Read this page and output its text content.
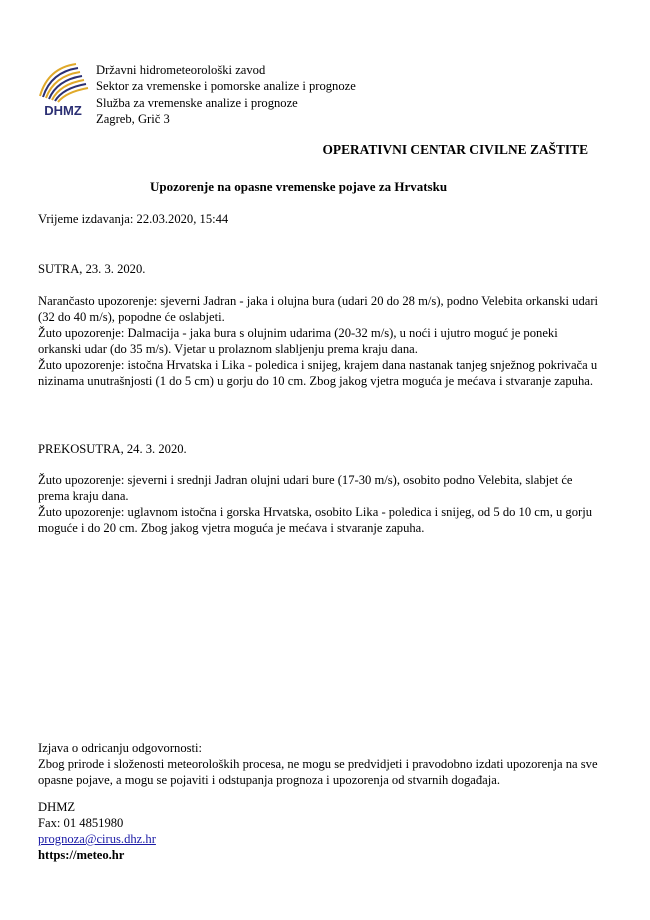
DHMZ
Državni hidrometeorološki zavod
Sektor za vremenske i pomorske analize i prognoze
Služba za vremenske analize i prognoze
Zagreb, Grič 3
OPERATIVNI CENTAR CIVILNE ZAŠTITE
Upozorenje na opasne vremenske pojave za Hrvatsku
Vrijeme izdavanja: 22.03.2020, 15:44
SUTRA, 23. 3. 2020.

Narančasto upozorenje: sjeverni Jadran - jaka i olujna bura (udari 20 do 28 m/s), podno Velebita orkanski udari (32 do 40 m/s), popodne će oslabjeti.

Žuto upozorenje: Dalmacija - jaka bura s olujnim udarima (20-32 m/s), u noći i ujutro moguć je poneki orkanski udar (do 35 m/s). Vjetar u prolaznom slabljenju prema kraju dana.

Žuto upozorenje: istočna Hrvatska i Lika - poledica i snijeg, krajem dana nastanak tanjeg snježnog pokrivača u nizinama unutrašnjosti (1 do 5 cm) u gorju do 10 cm. Zbog jakog vjetra moguća je mećava i stvaranje zapuha.

PREKOSUTRA, 24. 3. 2020.

Žuto upozorenje: sjeverni i srednji Jadran olujni udari bure (17-30 m/s), osobito podno Velebita, slabjet će prema kraju dana.

Žuto upozorenje: uglavnom istočna i gorska Hrvatska, osobito Lika - poledica i snijeg, od 5 do 10 cm, u gorju moguće i do 20 cm. Zbog jakog vjetra moguća je mećava i stvaranje zapuha.

Izjava o odricanju odgovornosti:

Zbog prirode i složenosti meteoroloških procesa, ne mogu se predvidjeti i pravodobno izdati upozorenja na sve opasne pojave, a mogu se pojaviti i odstupanja prognoza i upozorenja od stvarnih događaja.

DHMZ
Fax: 01 4851980
prognoza@cirus.dhz.hr
https://meteo.hr
